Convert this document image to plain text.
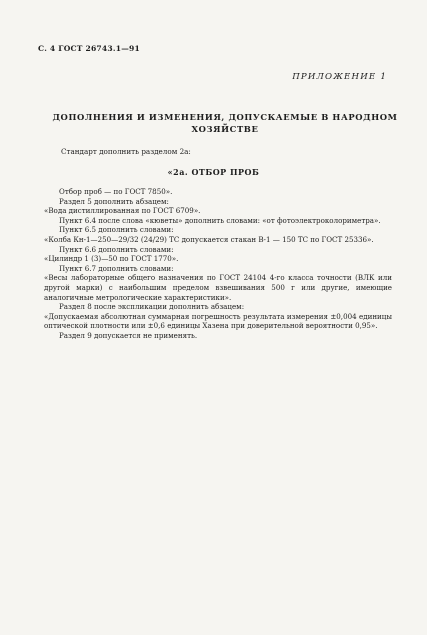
С. 4 ГОСТ 26743.1—91
ПРИЛОЖЕНИЕ 1
ДОПОЛНЕНИЯ И ИЗМЕНЕНИЯ, ДОПУСКАЕМЫЕ В НАРОДНОМ ХОЗЯЙСТВЕ
Стандарт дополнить разделом 2а:
«2а. ОТБОР ПРОБ

Отбор проб — по ГОСТ 7850».

Раздел 5 дополнить абзацем:

«Вода дистиллированная по ГОСТ 6709».

Пункт 6.4 после слова «кюветы» дополнить словами: «от фотоэлектроколориметра».

Пункт 6.5 дополнить словами:

«Колба Кн-1—250—29/32 (24/29) ТС допускается стакан В-1 — 150 ТС по ГОСТ 25336».

Пункт 6.6 дополнить словами:

«Цилиндр 1 (3)—50 по ГОСТ 1770».

Пункт 6.7 дополнить словами:

«Весы лабораторные общего назначения по ГОСТ 24104 4-го класса точности (ВЛК или другой марки) с наибольшим пределом взвешивания 500 г или другие, имеющие аналогичные метрологические характеристики».

Раздел 8 после экспликации дополнить абзацем:

«Допускаемая абсолютная суммарная погрешность результата измерения ±0,004 единицы оптической плотности или ±0,6 единицы Хазена при доверительной вероятности 0,95».

Раздел 9 допускается не применять.
